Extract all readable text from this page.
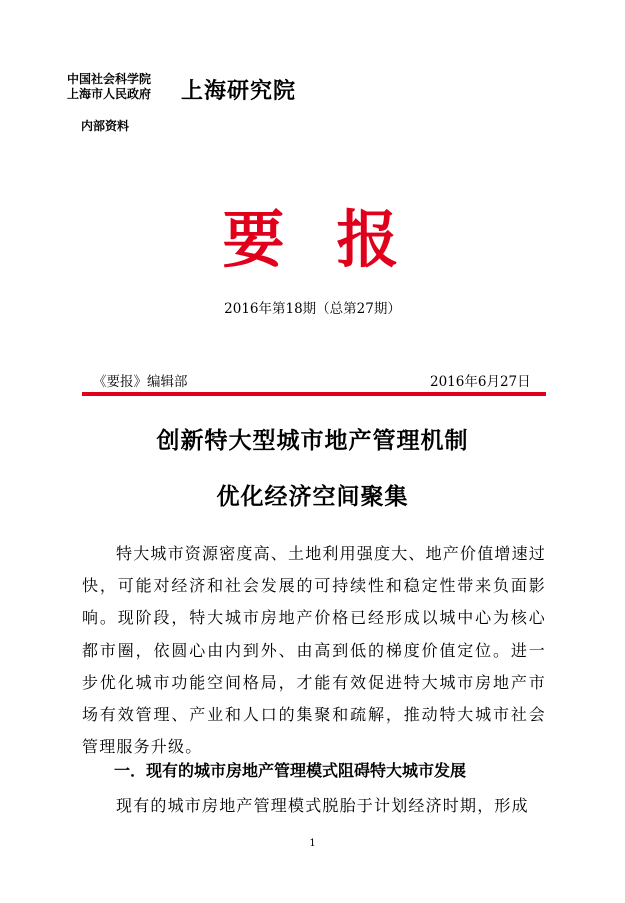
中国社会科学院
上海市人民政府 上海研究院
内部资料
要 报
2016年第18期（总第27期）
《要报》编辑部	2016年6月27日
创新特大型城市地产管理机制
优化经济空间聚集

特大城市资源密度高、土地利用强度大、地产价值增速过快，可能对经济和社会发展的可持续性和稳定性带来负面影响。现阶段，特大城市房地产价格已经形成以城中心为核心都市圈，依圆心由内到外、由高到低的梯度价值定位。进一步优化城市功能空间格局，才能有效促进特大城市房地产市场有效管理、产业和人口的集聚和疏解，推动特大城市社会管理服务升级。

一．现有的城市房地产管理模式阻碍特大城市发展
现有的城市房地产管理模式脱胎于计划经济时期，形成
1
